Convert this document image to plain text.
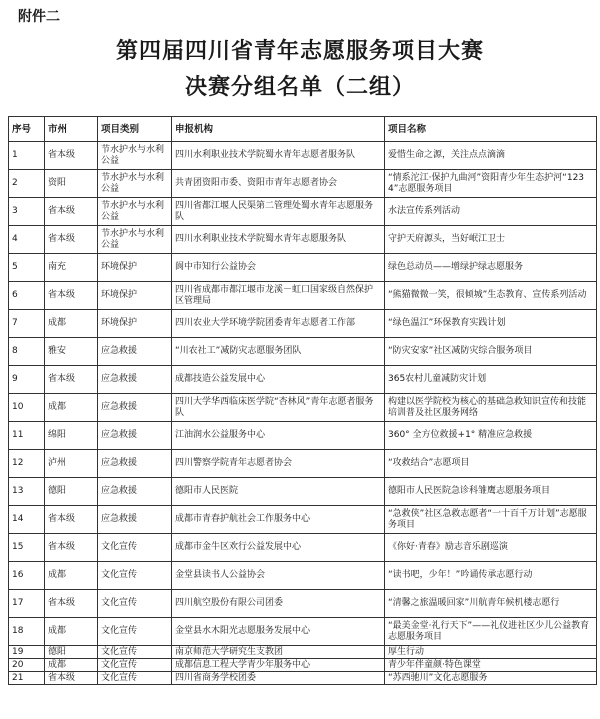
附件二
第四届四川省青年志愿服务项目大赛
决赛分组名单（二组）
序号	市州	项目类别	申报机构	项目名称
1	省本级	节水护水与水利公益	四川水利职业技术学院蜀水青年志愿者服务队	爱惜生命之源，关注点点滴滴
2	资阳	节水护水与水利公益	共青团资阳市委、资阳市青年志愿者协会	“情系沱江·保护九曲河”资阳青少年生态护河“1234”志愿服务项目
3	省本级	节水护水与水利公益	四川省都江堰人民渠第二管理处蜀水青年志愿服务队	水法宣传系列活动
4	省本级	节水护水与水利公益	四川水利职业技术学院蜀水青年志愿服务队	守护天府源头，当好岷江卫士
5	南充	环境保护	阆中市知行公益协会	绿色总动员——增绿护绿志愿服务
6	省本级	环境保护	四川省成都市都江堰市龙溪－虹口国家级自然保护区管理局	“熊猫微微一笑，很倾城”生态教育、宣传系列活动
7	成都	环境保护	四川农业大学环境学院团委青年志愿者工作部	“绿色温江”环保教育实践计划
8	雅安	应急救援	“川农社工”减防灾志愿服务团队	“防灾安家”社区减防灾综合服务项目
9	省本级	应急救援	成都技造公益发展中心	365农村儿童减防灾计划
10	成都	应急救援	四川大学华西临床医学院“杏林风”青年志愿者服务队	构建以医学院校为核心的基础急救知识宣传和技能培训普及社区服务网络
11	绵阳	应急救援	江油润水公益服务中心	360° 全方位救援+1° 精准应急救援
12	泸州	应急救援	四川警察学院青年志愿者协会	“攻救结合”志愿项目
13	德阳	应急救援	德阳市人民医院	德阳市人民医院急诊科雏鹰志愿服务项目
14	省本级	应急救援	成都市青春护航社会工作服务中心	“急救侠”社区急救志愿者“一十百千万计划”志愿服务项目
15	省本级	文化宣传	成都市金牛区欢行公益发展中心	《你好·青春》励志音乐剧巡演
16	成都	文化宣传	金堂县读书人公益协会	“读书吧，少年！”吟诵传承志愿行动
17	省本级	文化宣传	四川航空股份有限公司团委	“清馨之旅温暖回家”川航青年候机楼志愿行
18	成都	文化宣传	金堂县水木阳光志愿服务发展中心	“最美金堂·礼行天下”——礼仪进社区少儿公益教育志愿服务项目
19	德阳	文化宣传	南京师范大学研究生支教团	厚生行动
20	成都	文化宣传	成都信息工程大学青少年服务中心	青少年伴童颜·特色课堂
21	省本级	文化宣传	四川省商务学校团委	“苏西驰川”文化志愿服务
